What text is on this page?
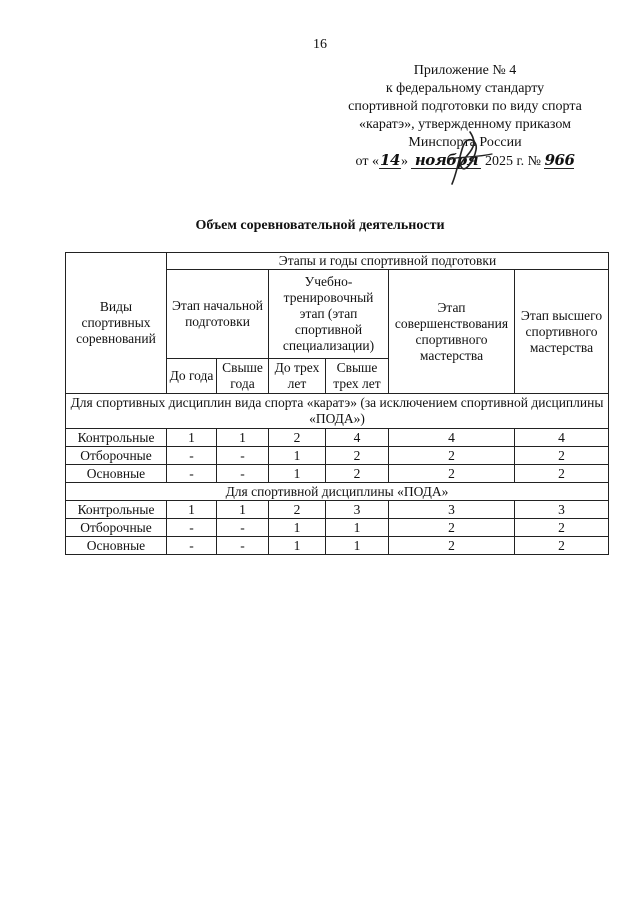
16
Приложение № 4
к федеральному стандарту
спортивной подготовки по виду спорта
«каратэ», утвержденному приказом
Минспорта России
от «14» ноября 2025 г. № 966
Объем соревновательной деятельности
Виды спортивных соревнований	Этапы и годы спортивной подготовки					
	Этап начальной подготовки		Учебно-тренировочный этап (этап спортивной специализации)		Этап совершенствования спортивного мастерства	Этап высшего спортивного мастерства
	До года	Свыше года	До трех лет	Свыше трех лет		
Для спортивных дисциплин вида спорта «каратэ» (за исключением спортивной дисциплины «ПОДА»)						
Контрольные	1	1	2	4	4	4
Отборочные	-	-	1	2	2	2
Основные	-	-	1	2	2	2
Для спортивной дисциплины «ПОДА»						
Контрольные	1	1	2	3	3	3
Отборочные	-	-	1	1	2	2
Основные	-	-	1	1	2	2
